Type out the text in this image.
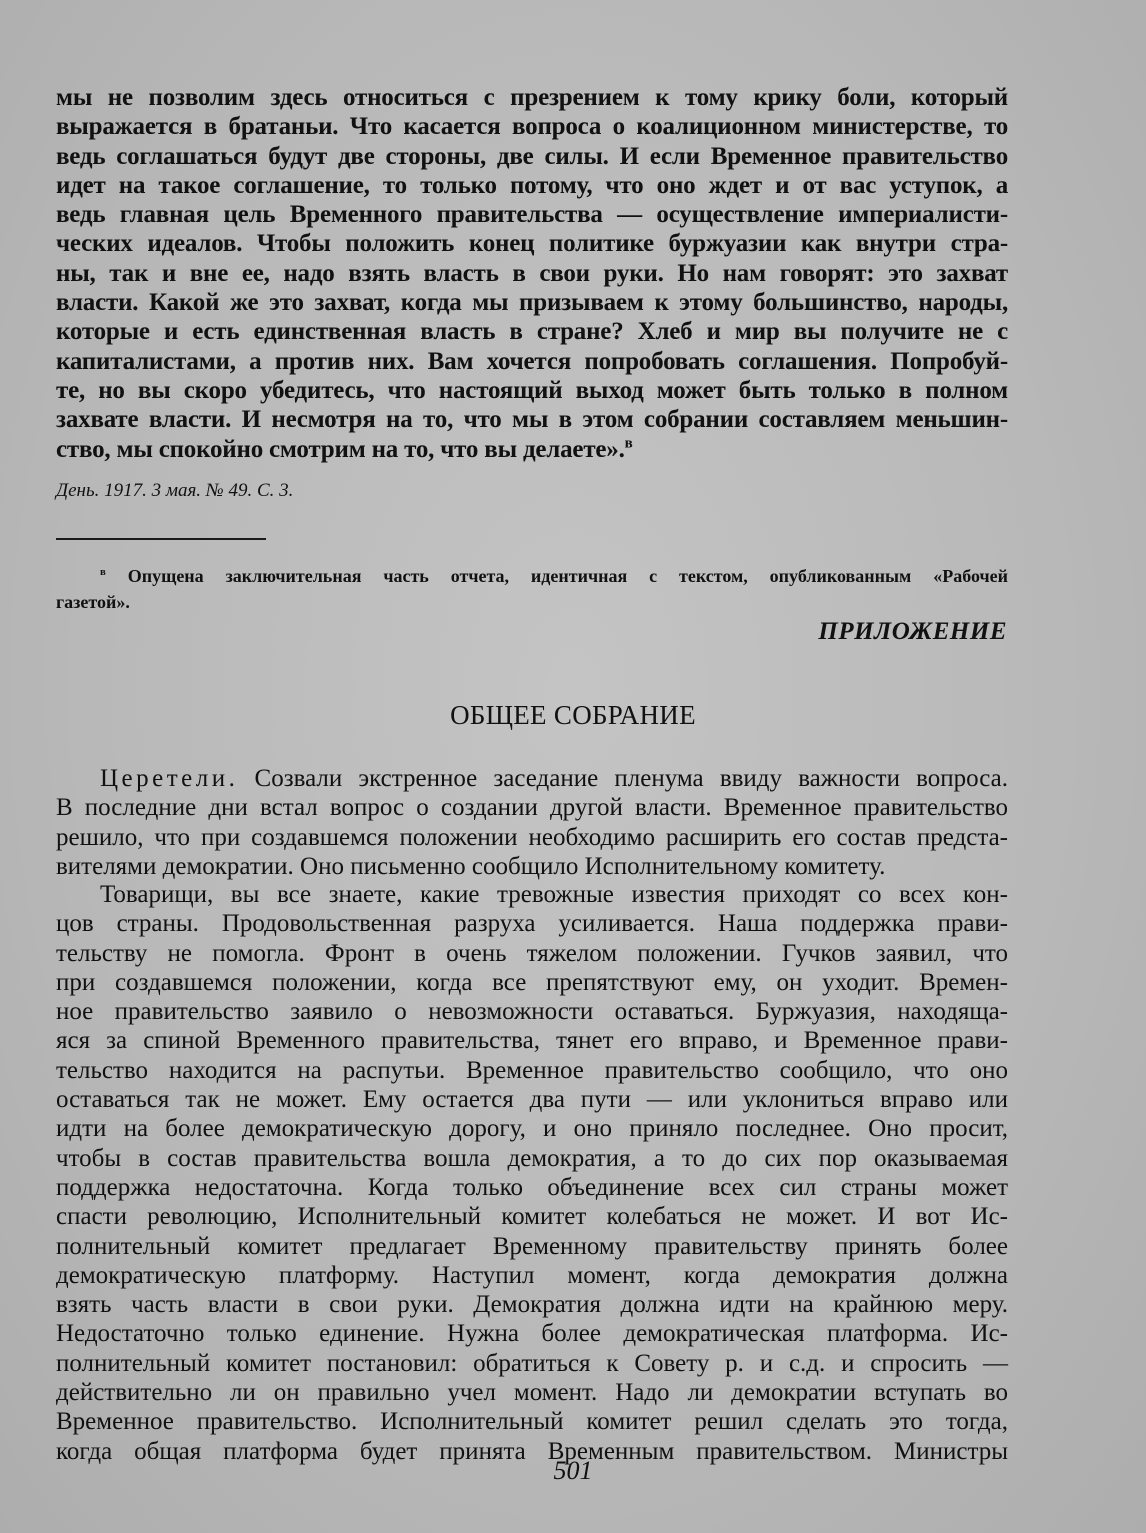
мы не позволим здесь относиться с презрением к тому крику боли, который
выражается в братаньи. Что касается вопроса о коалиционном министерстве, то
ведь соглашаться будут две стороны, две силы. И если Временное правительство
идет на такое соглашение, то только потому, что оно ждет и от вас уступок, а
ведь главная цель Временного правительства — осуществление империалисти-
ческих идеалов. Чтобы положить конец политике буржуазии как внутри стра-
ны, так и вне ее, надо взять власть в свои руки. Но нам говорят: это захват
власти. Какой же это захват, когда мы призываем к этому большинство, народы,
которые и есть единственная власть в стране? Хлеб и мир вы получите не с
капиталистами, а против них. Вам хочется попробовать соглашения. Попробуй-
те, но вы скоро убедитесь, что настоящий выход может быть только в полном
захвате власти. И несмотря на то, что мы в этом собрании составляем меньшин-
ство, мы спокойно смотрим на то, что вы делаете».$^в$
День. 1917. 3 мая. № 49. С. 3.
$^в$ Опущена заключительная часть отчета, идентичная с текстом, опубликованным «Рабочей
газетой».
ПРИЛОЖЕНИЕ
ОБЩЕЕ СОБРАНИЕ
Церетели. Созвали экстренное заседание пленума ввиду важности вопроса.
В последние дни встал вопрос о создании другой власти. Временное правительство
решило, что при создавшемся положении необходимо расширить его состав предста-
вителями демократии. Оно письменно сообщило Исполнительному комитету.
Товарищи, вы все знаете, какие тревожные известия приходят со всех кон-
цов страны. Продовольственная разруха усиливается. Наша поддержка прави-
тельству не помогла. Фронт в очень тяжелом положении. Гучков заявил, что
при создавшемся положении, когда все препятствуют ему, он уходит. Времен-
ное правительство заявило о невозможности оставаться. Буржуазия, находяща-
яся за спиной Временного правительства, тянет его вправо, и Временное прави-
тельство находится на распутьи. Временное правительство сообщило, что оно
оставаться так не может. Ему остается два пути — или уклониться вправо или
идти на более демократическую дорогу, и оно приняло последнее. Оно просит,
чтобы в состав правительства вошла демократия, а то до сих пор оказываемая
поддержка недостаточна. Когда только объединение всех сил страны может
спасти революцию, Исполнительный комитет колебаться не может. И вот Ис-
полнительный комитет предлагает Временному правительству принять более
демократическую платформу. Наступил момент, когда демократия должна
взять часть власти в свои руки. Демократия должна идти на крайнюю меру.
Недостаточно только единение. Нужна более демократическая платформа. Ис-
полнительный комитет постановил: обратиться к Совету р. и с.д. и спросить —
действительно ли он правильно учел момент. Надо ли демократии вступать во
Временное правительство. Исполнительный комитет решил сделать это тогда,
когда общая платформа будет принята Временным правительством. Министры
501
